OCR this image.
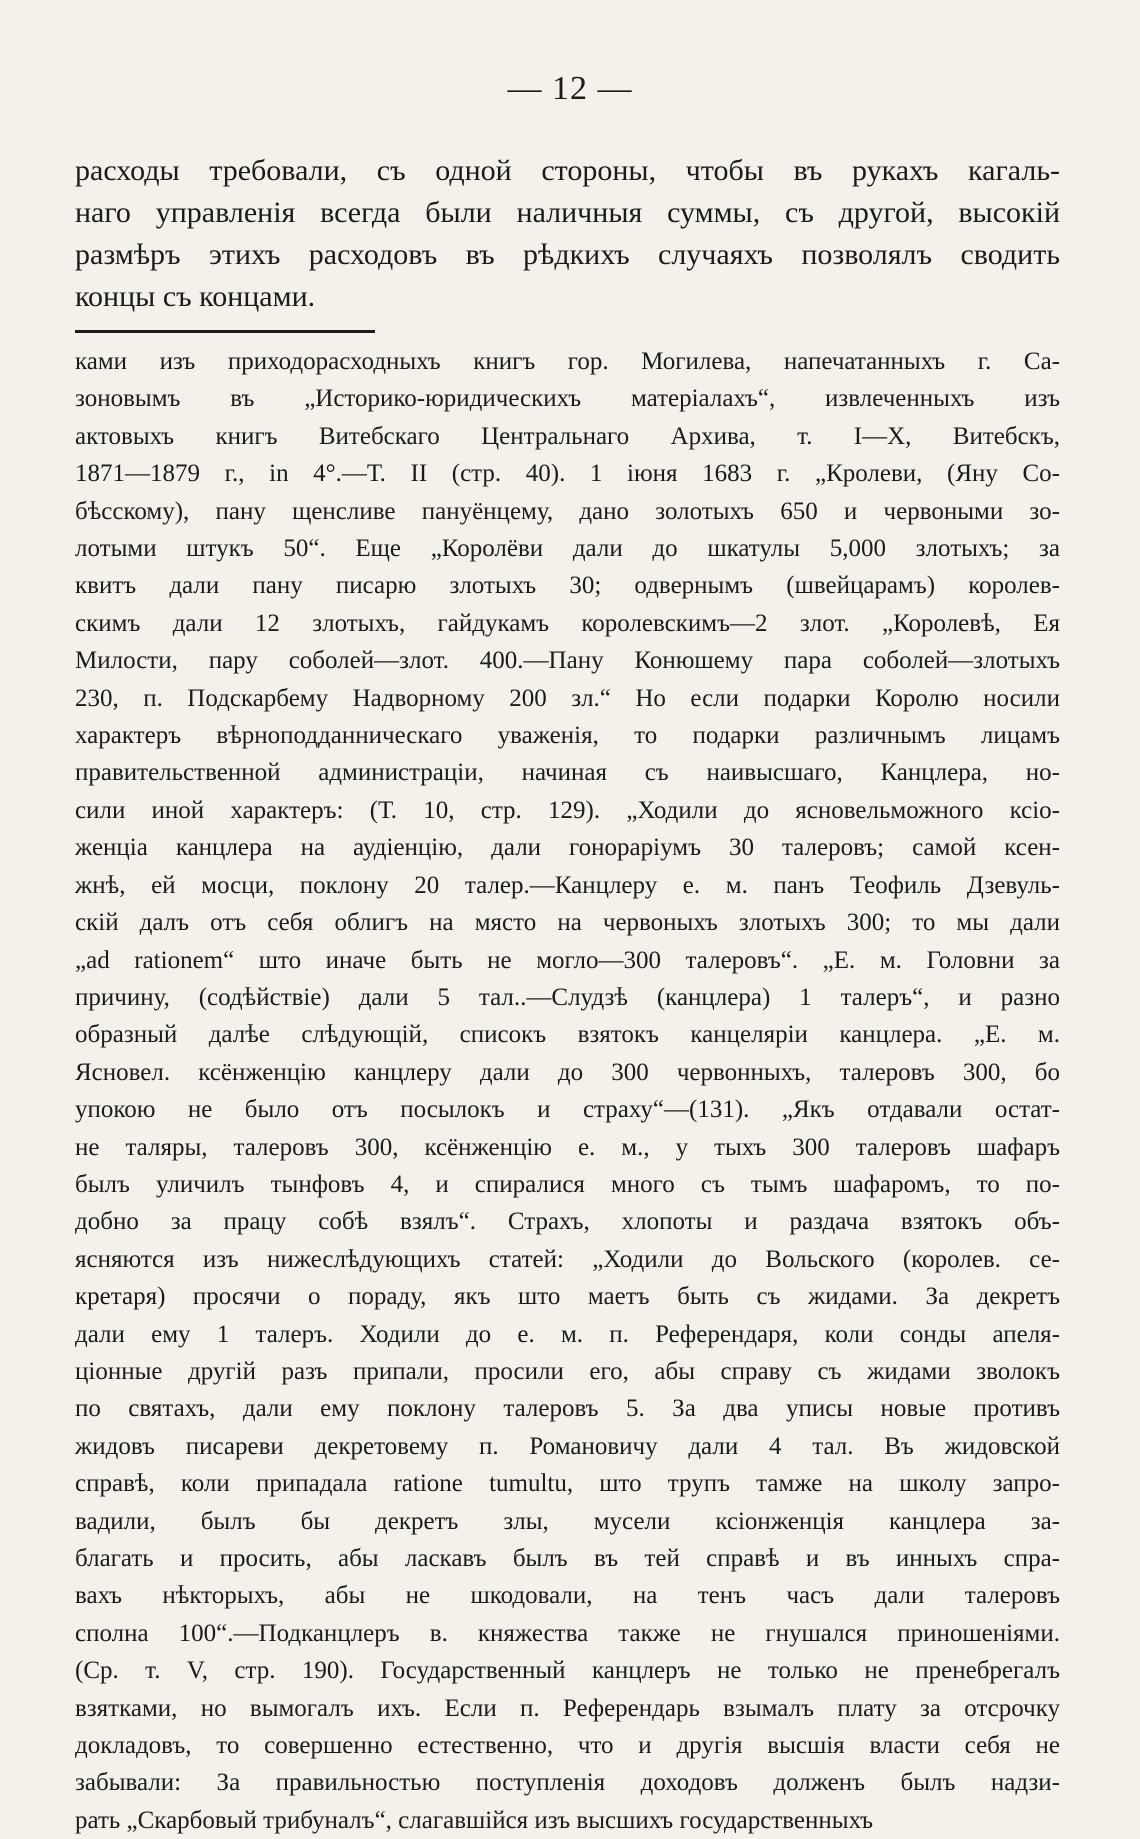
— 12 —
расходы требовали, съ одной стороны, чтобы въ рукахъ кагаль-
наго управленія всегда были наличныя суммы, съ другой, высокій
размѣръ этихъ расходовъ въ рѣдкихъ случаяхъ позволялъ сводить
концы съ концами.
ками изъ приходорасходныхъ книгъ гор. Могилева, напечатанныхъ г. Са-
зоновымъ въ „Историко-юридическихъ матеріалахъ“, извлеченныхъ изъ
актовыхъ книгъ Витебскаго Центральнаго Архива, т. I—X, Витебскъ,
1871—1879 г., in 4°.—Т. II (стр. 40). 1 іюня 1683 г. „Кролеви, (Яну Со-
бѣсскому), пану щенсливе пануёнцему, дано золотыхъ 650 и червоными зо-
лотыми штукъ 50“. Еще „Королёви дали до шкатулы 5,000 злотыхъ; за
квитъ дали пану писарю злотыхъ 30; одвернымъ (швейцарамъ) королев-
скимъ дали 12 злотыхъ, гайдукамъ королевскимъ—2 злот. „Королевѣ, Ея
Милости, пару соболей—злот. 400.—Пану Конюшему пара соболей—злотыхъ
230, п. Подскарбему Надворному 200 зл.“ Но если подарки Королю носили
характеръ вѣрноподданническаго уваженія, то подарки различнымъ лицамъ
правительственной администраціи, начиная съ наивысшаго, Канцлера, но-
сили иной характеръ: (Т. 10, стр. 129). „Ходили до ясновельможного ксіо-
женціа канцлера на аудіенцію, дали гонораріумъ 30 талеровъ; самой ксен-
жнѣ, ей мосци, поклону 20 талер.—Канцлеру е. м. панъ Теофиль Дзевуль-
скій далъ отъ себя облигъ на място на червоныхъ злотыхъ 300; то мы дали
„ad rationem“ што иначе быть не могло—300 талеровъ“. „Е. м. Головни за
причину, (содѣйствіе) дали 5 тал..—Слудзѣ (канцлера) 1 талеръ“, и разно
образный далѣе слѣдующій, списокъ взятокъ канцеляріи канцлера. „Е. м.
Ясновел. ксёнженцію канцлеру дали до 300 червонныхъ, талеровъ 300, бо
упокою не было отъ посылокъ и страху“—(131). „Якъ отдавали остат-
не таляры, талеровъ 300, ксёнженцію е. м., у тыхъ 300 талеровъ шафаръ
былъ уличилъ тынфовъ 4, и спиралися много съ тымъ шафаромъ, то по-
добно за працу собѣ взялъ“. Страхъ, хлопоты и раздача взятокъ объ-
ясняются изъ нижеслѣдующихъ статей: „Ходили до Вольского (королев. се-
кретаря) просячи о пораду, якъ што маетъ быть съ жидами. За декретъ
дали ему 1 талеръ. Ходили до е. м. п. Референдаря, коли сонды апеля-
ціонные другій разъ припали, просили его, абы справу съ жидами зволокъ
по святахъ, дали ему поклону талеровъ 5. За два уписы новые противъ
жидовъ писареви декретовему п. Романовичу дали 4 тал. Въ жидовской
справѣ, коли припадала ratione tumultu, што трупъ тамже на школу запро-
вадили, былъ бы декретъ злы, мусели ксіонженція канцлера за-
благать и просить, абы ласкавъ былъ въ тей справѣ и въ инныхъ спра-
вахъ нѣкторыхъ, абы не шкодовали, на тенъ часъ дали талеровъ
сполна 100“.—Подканцлеръ в. княжества также не гнушался приношеніями.
(Ср. т. V, стр. 190). Государственный канцлеръ не только не пренебрегалъ
взятками, но вымогалъ ихъ. Если п. Референдарь взымалъ плату за отсрочку
докладовъ, то совершенно естественно, что и другія высшія власти себя не
забывали: За правильностью поступленія доходовъ долженъ былъ надзи-
рать „Скарбовый трибуналъ“, слагавшійся изъ высшихъ государственныхъ
